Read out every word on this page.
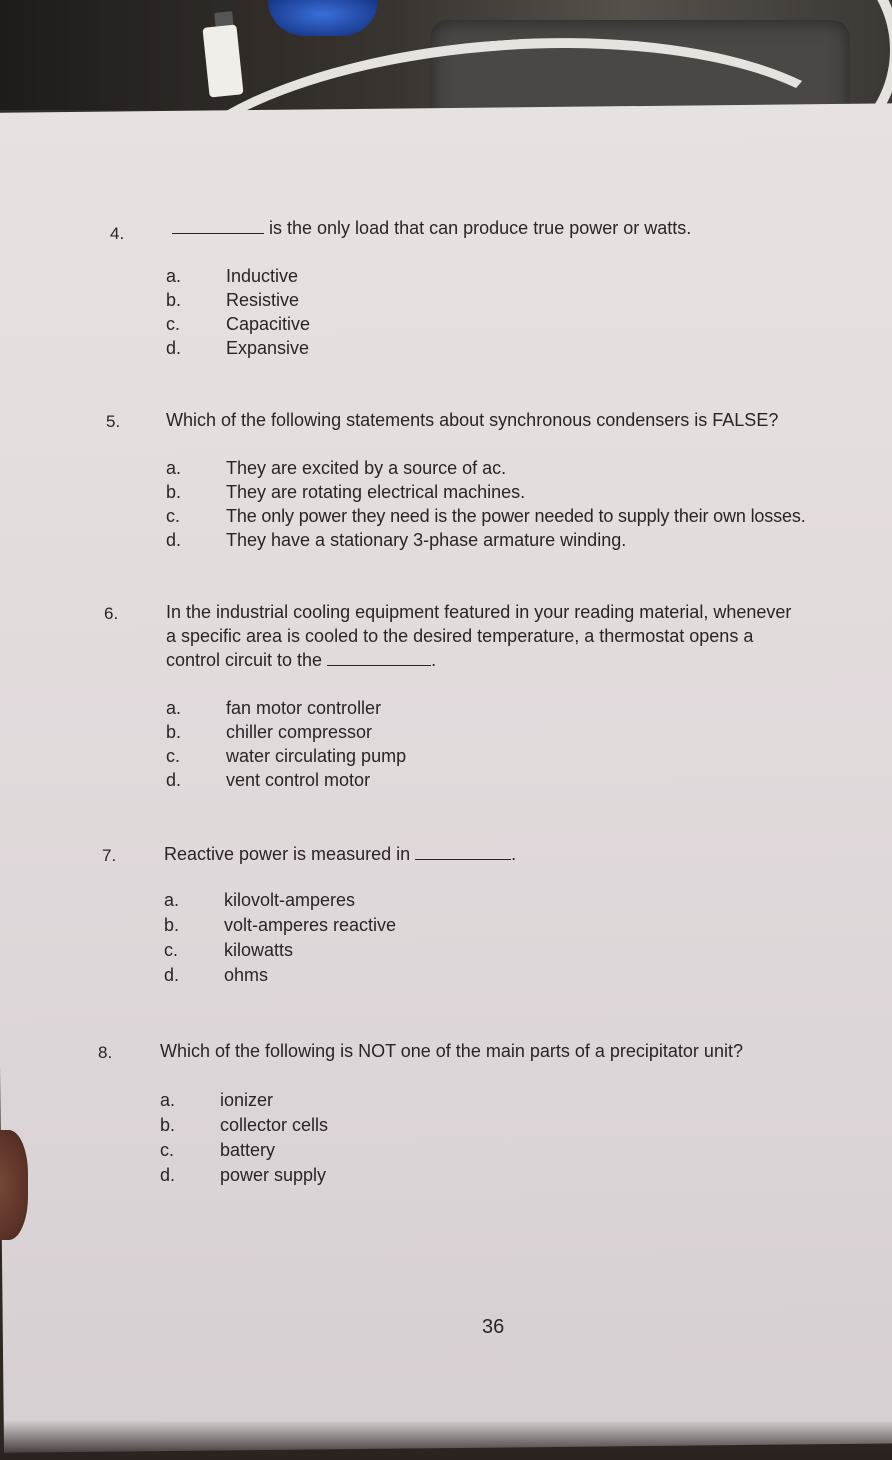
4.	is the only load that can produce true power or watts.
a.	Inductive
b.	Resistive
c.	Capacitive
d.	Expansive
5.	Which of the following statements about synchronous condensers is FALSE?
a.	They are excited by a source of ac.
b.	They are rotating electrical machines.
c.	The only power they need is the power needed to supply their own losses.
d.	They have a stationary 3-phase armature winding.
6.	In the industrial cooling equipment featured in your reading material, whenever
a specific area is cooled to the desired temperature, a thermostat opens a
control circuit to the	.
a.	fan motor controller
b.	chiller compressor
c.	water circulating pump
d.	vent control motor
7.	Reactive power is measured in	.
a.	kilovolt-amperes
b.	volt-amperes reactive
c.	kilowatts
d.	ohms
8.	Which of the following is NOT one of the main parts of a precipitator unit?
a.	ionizer
b.	collector cells
c.	battery
d.	power supply
36
